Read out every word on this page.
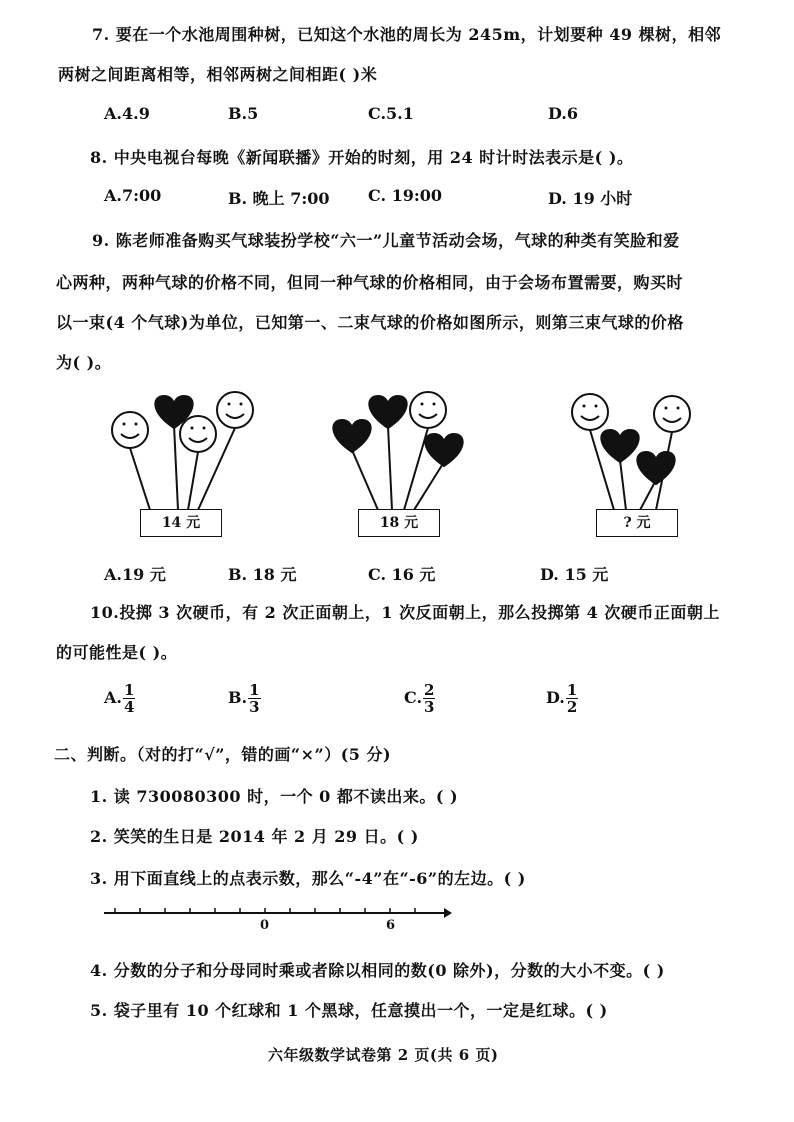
7. 要在一个水池周围种树，已知这个水池的周长为 245m，计划要种 49 棵树，相邻
两树之间距离相等，相邻两树之间相距( )米
A.4.9	B.5	C.5.1	D.6
8. 中央电视台每晚《新闻联播》开始的时刻，用 24 时计时法表示是( )。
A.7:00	B. 晚上 7:00 C. 19:00	D. 19 小时
9. 陈老师准备购买气球装扮学校“六一”儿童节活动会场，气球的种类有笑脸和爱
心两种，两种气球的价格不同，但同一种气球的价格相同，由于会场布置需要，购买时
以一束(4 个气球)为单位，已知第一、二束气球的价格如图所示，则第三束气球的价格
为( )。
14 元	18 元	? 元
A.19 元	B. 18 元	C. 16 元	D. 15 元
10.投掷 3 次硬币，有 2 次正面朝上，1 次反面朝上，那么投掷第 4 次硬币正面朝上
的可能性是( )。
A. $\frac{1}{4}$	B. $\frac{1}{3}$	C. $\frac{2}{3}$	D. $\frac{1}{2}$
二、判断。（对的打“√”，错的画“×”）(5 分)
1. 读 730080300 时，一个 0 都不读出来。( )
2. 笑笑的生日是 2014 年 2 月 29 日。( )
3. 用下面直线上的点表示数，那么“-4”在“-6”的左边。( )
0	6
4. 分数的分子和分母同时乘或者除以相同的数(0 除外)，分数的大小不变。( )
5. 袋子里有 10 个红球和 1 个黑球，任意摸出一个，一定是红球。( )
六年级数学试卷第 2 页(共 6 页)
